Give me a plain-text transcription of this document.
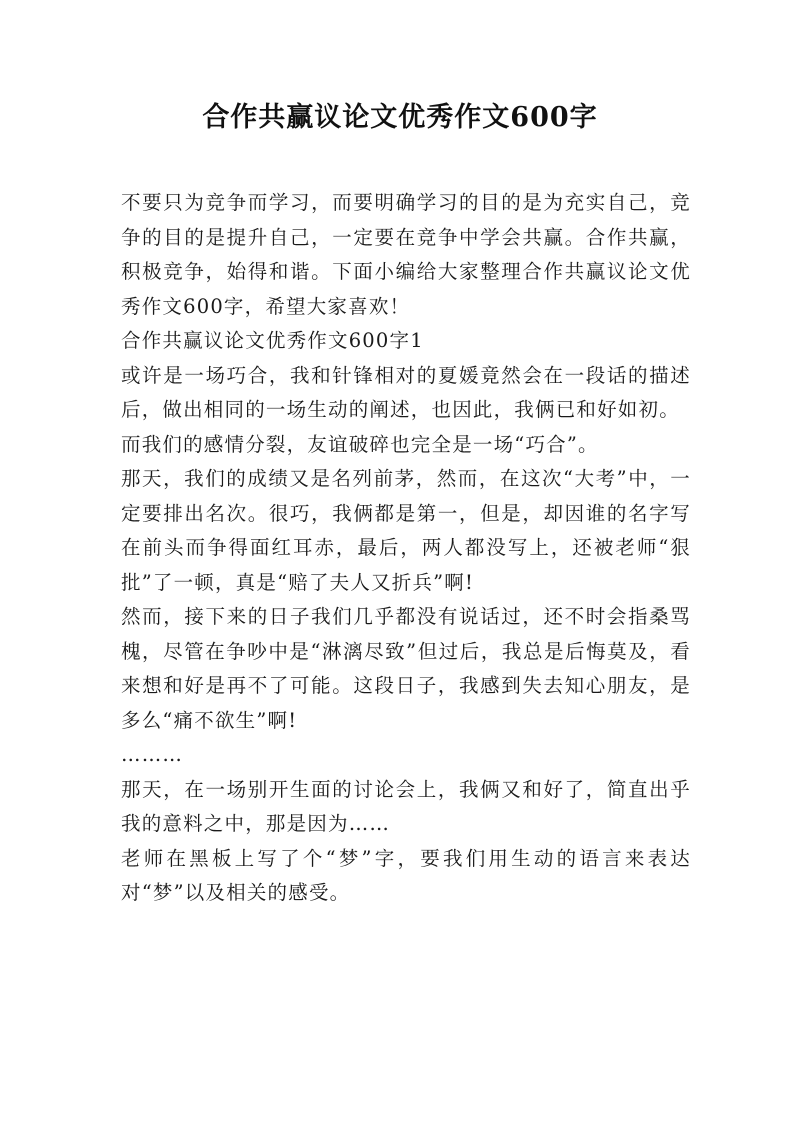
合作共赢议论文优秀作文600字

不要只为竞争而学习，而要明确学习的目的是为充实自己，竞争的目的是提升自己，一定要在竞争中学会共赢。合作共赢，积极竞争，始得和谐。下面小编给大家整理合作共赢议论文优秀作文600字，希望大家喜欢！

合作共赢议论文优秀作文600字1

或许是一场巧合，我和针锋相对的夏媛竟然会在一段话的描述后，做出相同的一场生动的阐述，也因此，我俩已和好如初。

而我们的感情分裂，友谊破碎也完全是一场“巧合”。

那天，我们的成绩又是名列前茅，然而，在这次“大考”中，一定要排出名次。很巧，我俩都是第一，但是，却因谁的名字写在前头而争得面红耳赤，最后，两人都没写上，还被老师“狠批”了一顿，真是“赔了夫人又折兵”啊!

然而，接下来的日子我们几乎都没有说话过，还不时会指桑骂槐，尽管在争吵中是“淋漓尽致”但过后，我总是后悔莫及，看来想和好是再不了可能。这段日子，我感到失去知心朋友，是多么“痛不欲生”啊!

………

那天，在一场别开生面的讨论会上，我俩又和好了，简直出乎我的意料之中，那是因为……

老师在黑板上写了个“梦”字，要我们用生动的语言来表达对“梦”以及相关的感受。
